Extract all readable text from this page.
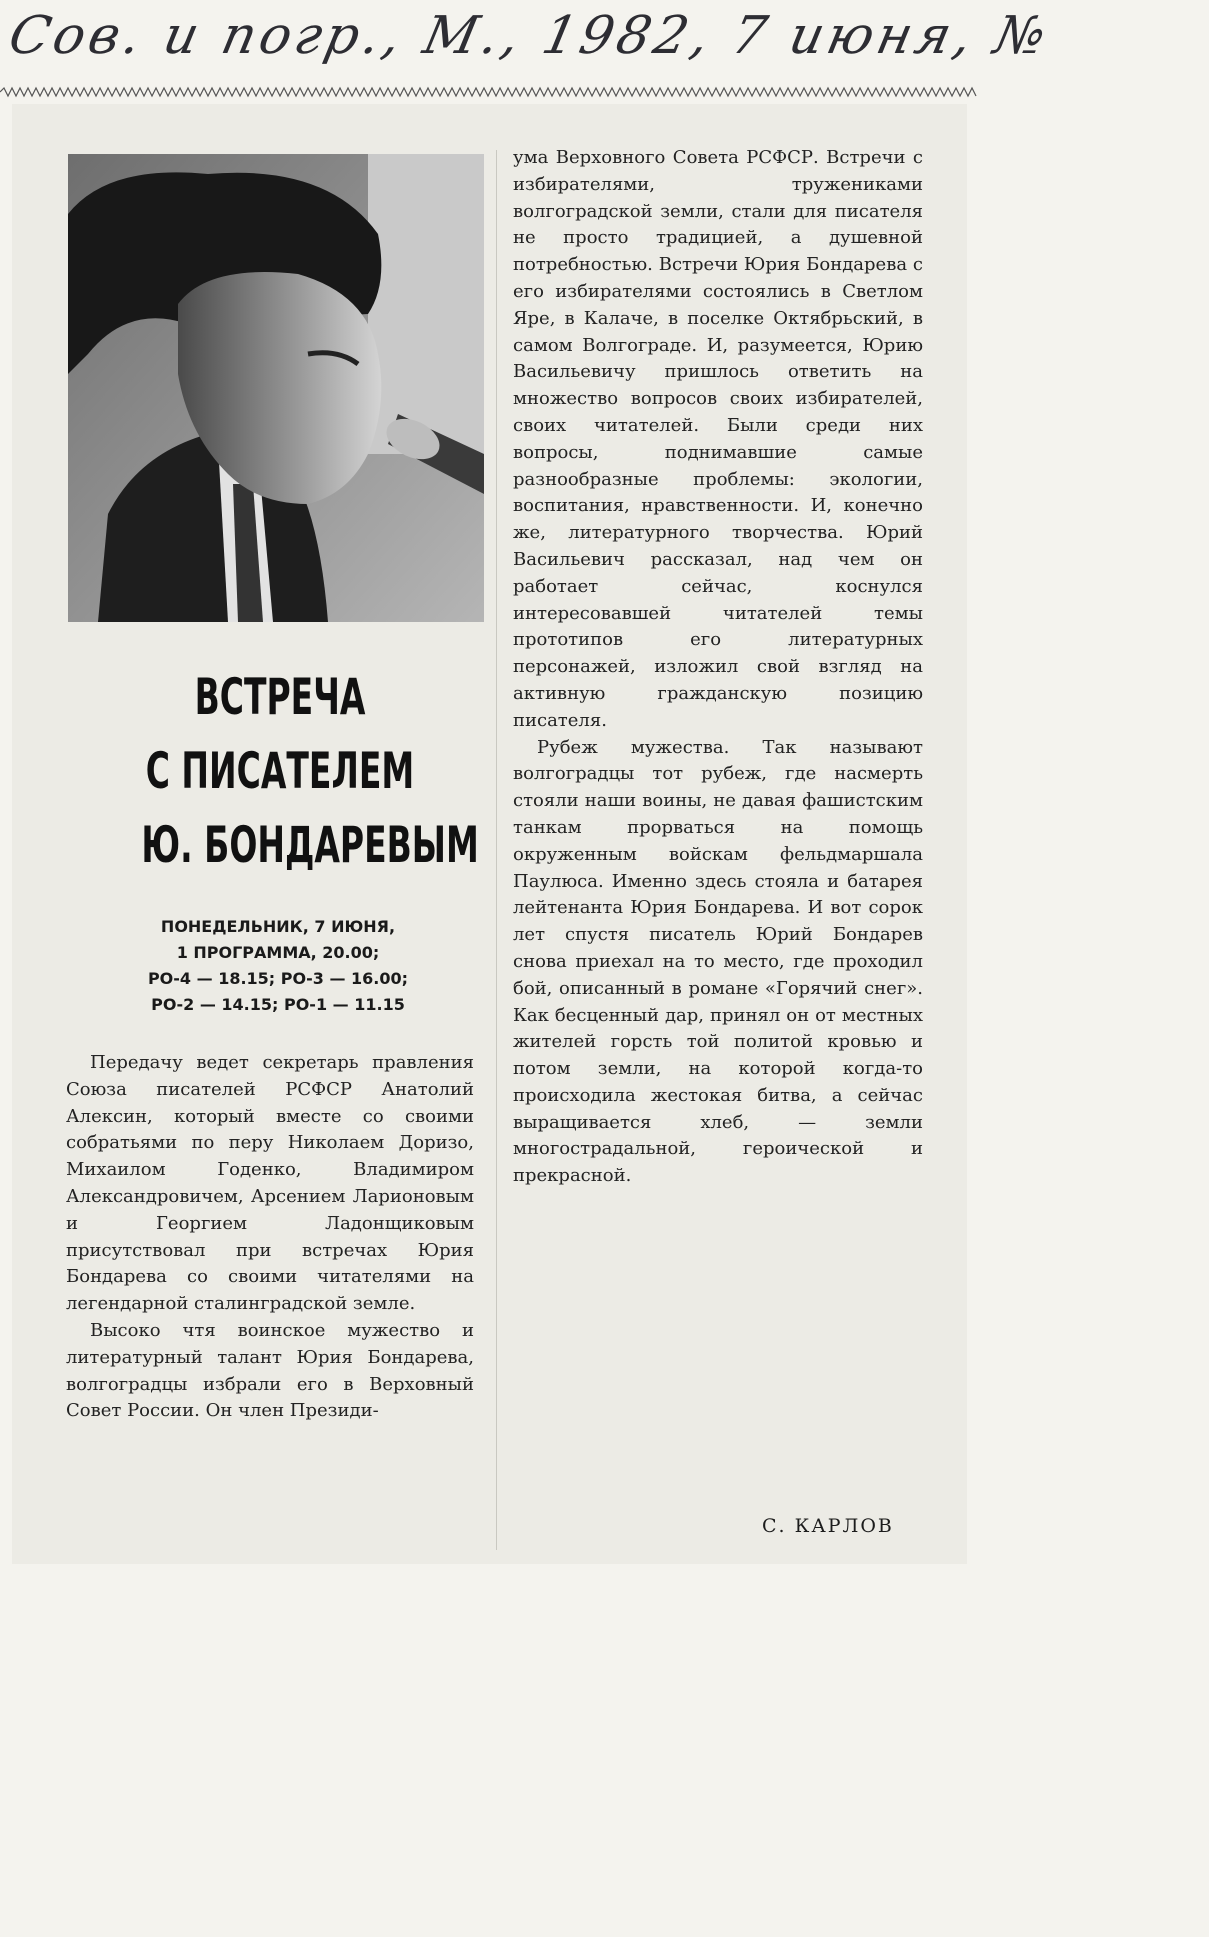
Сов. и погр., М., 1982, 7 июня, №
ВСТРЕЧА
С ПИСАТЕЛЕМ
Ю. БОНДАРЕВЫМ
ПОНЕДЕЛЬНИК, 7 ИЮНЯ,
1 ПРОГРАММА, 20.00;
РО-4 — 18.15; РО-3 — 16.00;
РО-2 — 14.15; РО-1 — 11.15

Передачу ведет секретарь правления Союза писателей РСФСР Анатолий Алексин, который вместе со своими собратьями по перу Николаем Доризо, Михаилом Годенко, Владимиром Александровичем, Арсением Ларионовым и Георгием Ладонщиковым присутствовал при встречах Юрия Бондарева со своими читателями на легендарной сталинградской земле.

Высоко чтя воинское мужество и литературный талант Юрия Бондарева, волгоградцы избрали его в Верховный Совет России. Он член Президи-

ума Верховного Совета РСФСР. Встречи с избирателями, тружениками волгоградской земли, стали для писателя не просто традицией, а душевной потребностью. Встречи Юрия Бондарева с его избирателями состоялись в Светлом Яре, в Калаче, в поселке Октябрьский, в самом Волгограде. И, разумеется, Юрию Васильевичу пришлось ответить на множество вопросов своих избирателей, своих читателей. Были среди них вопросы, поднимавшие самые разнообразные проблемы: экологии, воспитания, нравственности. И, конечно же, литературного творчества. Юрий Васильевич рассказал, над чем он работает сейчас, коснулся интересовавшей читателей темы прототипов его литературных персонажей, изложил свой взгляд на активную гражданскую позицию писателя.

Рубеж мужества. Так называют волгоградцы тот рубеж, где насмерть стояли наши воины, не давая фашистским танкам прорваться на помощь окруженным войскам фельдмаршала Паулюса. Именно здесь стояла и батарея лейтенанта Юрия Бондарева. И вот сорок лет спустя писатель Юрий Бондарев снова приехал на то место, где проходил бой, описанный в романе «Горячий снег». Как бесценный дар, принял он от местных жителей горсть той политой кровью и потом земли, на которой когда-то происходила жестокая битва, а сейчас выращивается хлеб, — земли многострадальной, героической и прекрасной.

С. КАРЛОВ
